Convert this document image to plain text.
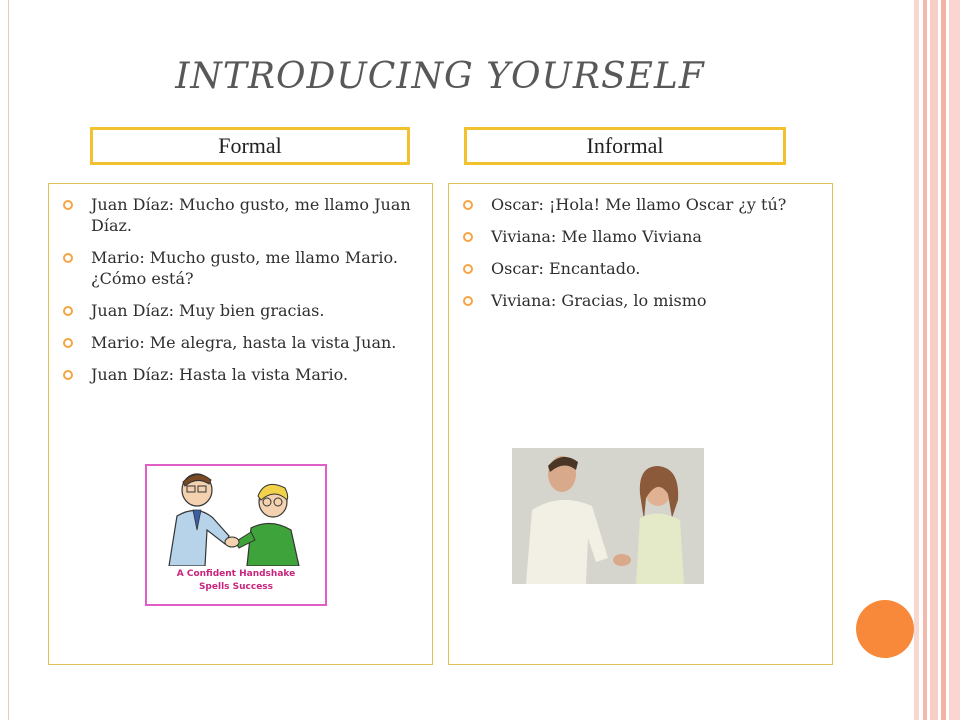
INTRODUCING YOURSELF
Formal	Informal
Juan Díaz: Mucho gusto, me llamo Juan Díaz.
Mario: Mucho gusto, me llamo Mario. ¿Cómo está?
Juan Díaz: Muy bien gracias.
Mario: Me alegra, hasta la vista Juan.
Juan Díaz: Hasta la vista Mario.
A Confident Handshake
Spells Success
Oscar: ¡Hola! Me llamo Oscar ¿y tú?
Viviana: Me llamo Viviana
Oscar: Encantado.
Viviana: Gracias, lo mismo
